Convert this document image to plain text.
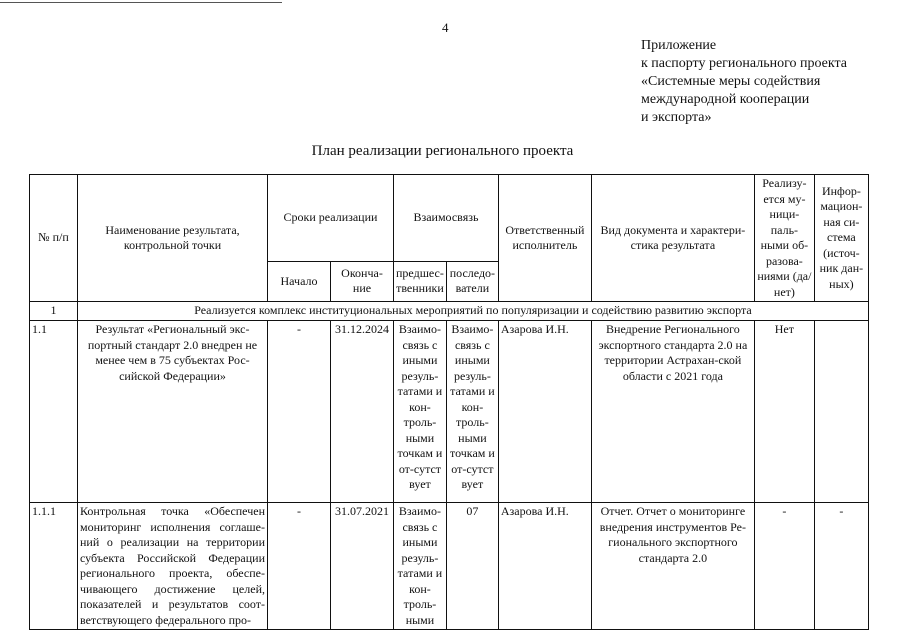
4
Приложение
к паспорту регионального проекта
«Системные меры содействия
международной кооперации
и экспорта»
План реализации регионального проекта
№ п/п	Наименование результата, контрольной точки	Сроки реализации		Взаимосвязь		Ответственный исполнитель	Вид документа и характери-стика результата	Реализу-ется му-ници-паль-ными об-разова-ниями (да/нет)	Инфор-мацион-ная си-стема (источ-ник дан-ных)
		Начало	Оконча-ние	предшес-твенники	последо-ватели				
1	Реализуется комплекс институциональных мероприятий по популяризации и содействию развитию экспорта								
1.1	Результат «Региональный экс-портный стандарт 2.0 внедрен не менее чем в 75 субъектах Рос-сийской Федерации»	-	31.12.2024	Взаимо-связь с иными резуль-татами и кон-троль-ными точкам и от-сутст вует	Взаимо-связь с иными резуль-татами и кон-троль-ными точкам и от-сутст вует	Азарова И.Н.	Внедрение Регионального экспортного стандарта 2.0 на территории Астрахан-ской области с 2021 года	Нет	
1.1.1	Контрольная точка «Обеспечен мониторинг исполнения соглаше-ний о реализации на территории субъекта Российской Федерации регионального проекта, обеспе-чивающего достижение целей, показателей и результатов соот-ветствующего федерального про-	-	31.07.2021	Взаимо-связь с иными резуль-татами и кон-троль-ными	07	Азарова И.Н.	Отчет. Отчет о мониторинге внедрения инструментов Ре-гионального экспортного стандарта 2.0	-	-
